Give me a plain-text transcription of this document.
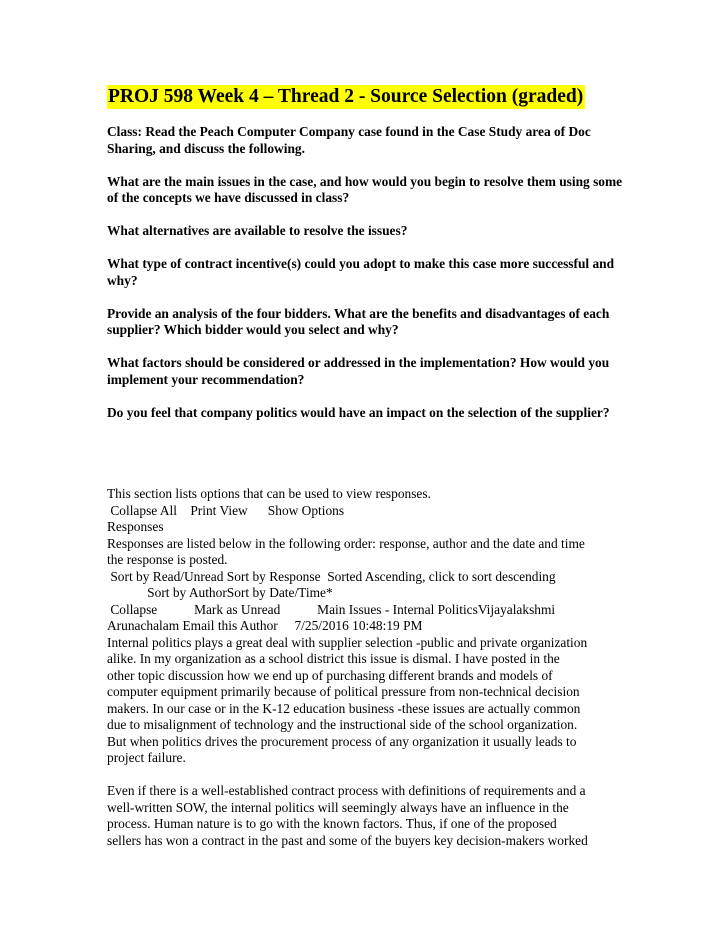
PROJ 598 Week 4 – Thread 2 - Source Selection (graded)

Class: Read the Peach Computer Company case found in the Case Study area of Doc Sharing, and discuss the following.

What are the main issues in the case, and how would you begin to resolve them using some of the concepts we have discussed in class?

What alternatives are available to resolve the issues?

What type of contract incentive(s) could you adopt to make this case more successful and why?

Provide an analysis of the four bidders. What are the benefits and disadvantages of each supplier? Which bidder would you select and why?

What factors should be considered or addressed in the implementation? How would you implement your recommendation?

Do you feel that company politics would have an impact on the selection of the supplier?

This section lists options that can be used to view responses.
Collapse All Print View Show Options
Responses
Responses are listed below in the following order: response, author and the date and time
the response is posted.
Sort by Read/Unread Sort by Response Sorted Ascending, click to sort descending
Sort by AuthorSort by Date/Time*
Collapse	Mark as Unread	Main Issues - Internal PoliticsVijayalakshmi
Arunachalam Email this Author 7/25/2016 10:48:19 PM
Internal politics plays a great deal with supplier selection -public and private organization
alike. In my organization as a school district this issue is dismal. I have posted in the
other topic discussion how we end up of purchasing different brands and models of
computer equipment primarily because of political pressure from non-technical decision
makers. In our case or in the K-12 education business -these issues are actually common
due to misalignment of technology and the instructional side of the school organization.
But when politics drives the procurement process of any organization it usually leads to
project failure.
Even if there is a well-established contract process with definitions of requirements and a
well-written SOW, the internal politics will seemingly always have an influence in the
process. Human nature is to go with the known factors. Thus, if one of the proposed
sellers has won a contract in the past and some of the buyers key decision-makers worked
